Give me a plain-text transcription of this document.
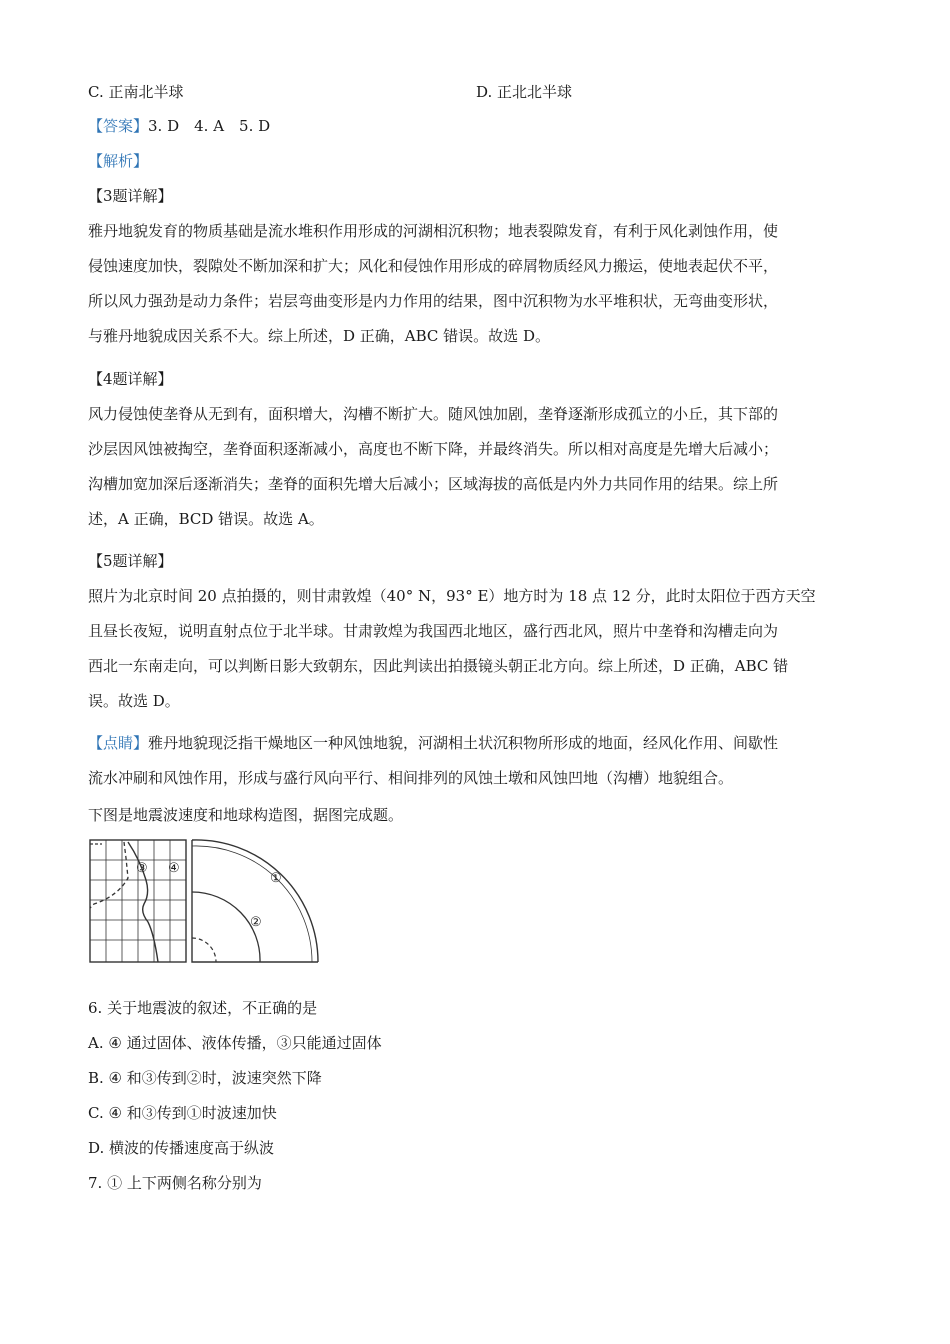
C. 正南北半球	D. 正北北半球
【答案】3. D　4. A　5. D
【解析】
【3题详解】
雅丹地貌发育的物质基础是流水堆积作用形成的河湖相沉积物；地表裂隙发育，有利于风化剥蚀作用，使
侵蚀速度加快，裂隙处不断加深和扩大；风化和侵蚀作用形成的碎屑物质经风力搬运，使地表起伏不平，
所以风力强劲是动力条件；岩层弯曲变形是内力作用的结果，图中沉积物为水平堆积状，无弯曲变形状，
与雅丹地貌成因关系不大。综上所述，D 正确，ABC 错误。故选 D。
【4题详解】
风力侵蚀使垄脊从无到有，面积增大，沟槽不断扩大。随风蚀加剧，垄脊逐渐形成孤立的小丘，其下部的
沙层因风蚀被掏空，垄脊面积逐渐减小，高度也不断下降，并最终消失。所以相对高度是先增大后减小；
沟槽加宽加深后逐渐消失；垄脊的面积先增大后减小；区域海拔的高低是内外力共同作用的结果。综上所
述，A 正确，BCD 错误。故选 A。
【5题详解】
照片为北京时间 20 点拍摄的，则甘肃敦煌（40° N，93° E）地方时为 18 点 12 分，此时太阳位于西方天空
且昼长夜短，说明直射点位于北半球。甘肃敦煌为我国西北地区，盛行西北风，照片中垄脊和沟槽走向为
西北一东南走向，可以判断日影大致朝东，因此判读出拍摄镜头朝正北方向。综上所述，D 正确，ABC 错
误。故选 D。
【点睛】雅丹地貌现泛指干燥地区一种风蚀地貌，河湖相土状沉积物所形成的地面，经风化作用、间歇性
流水冲刷和风蚀作用，形成与盛行风向平行、相间排列的风蚀土墩和风蚀凹地（沟槽）地貌组合。
下图是地震波速度和地球构造图，据图完成题。
③ ④
①
②
6. 关于地震波的叙述，不正确的是
A. ④ 通过固体、液体传播，③只能通过固体
B. ④ 和③传到②时，波速突然下降
C. ④ 和③传到①时波速加快
D. 横波的传播速度高于纵波
7. ① 上下两侧名称分别为
